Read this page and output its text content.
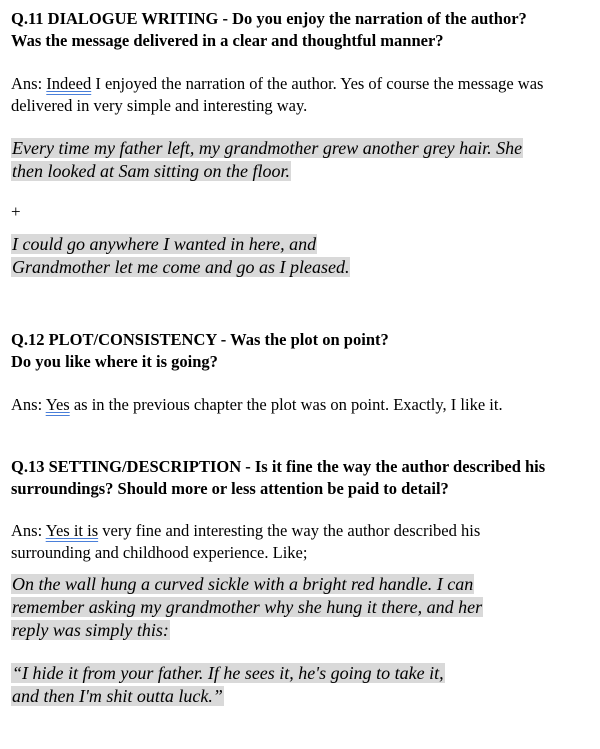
Q.11 DIALOGUE WRITING - Do you enjoy the narration of the author?
Was the message delivered in a clear and thoughtful manner?

Ans: Indeed I enjoyed the narration of the author. Yes of course the message was
delivered in very simple and interesting way.

Every time my father left, my grandmother grew another grey hair. She
then looked at Sam sitting on the floor.

+

I could go anywhere I wanted in here, and
Grandmother let me come and go as I pleased.

Q.12 PLOT/CONSISTENCY - Was the plot on point?
Do you like where it is going?

Ans: Yes as in the previous chapter the plot was on point. Exactly, I like it.

Q.13 SETTING/DESCRIPTION - Is it fine the way the author described his
surroundings? Should more or less attention be paid to detail?

Ans: Yes it is very fine and interesting the way the author described his
surrounding and childhood experience. Like;

On the wall hung a curved sickle with a bright red handle. I can
remember asking my grandmother why she hung it there, and her
reply was simply this:

“I hide it from your father. If he sees it, he's going to take it,
and then I'm shit outta luck.”
